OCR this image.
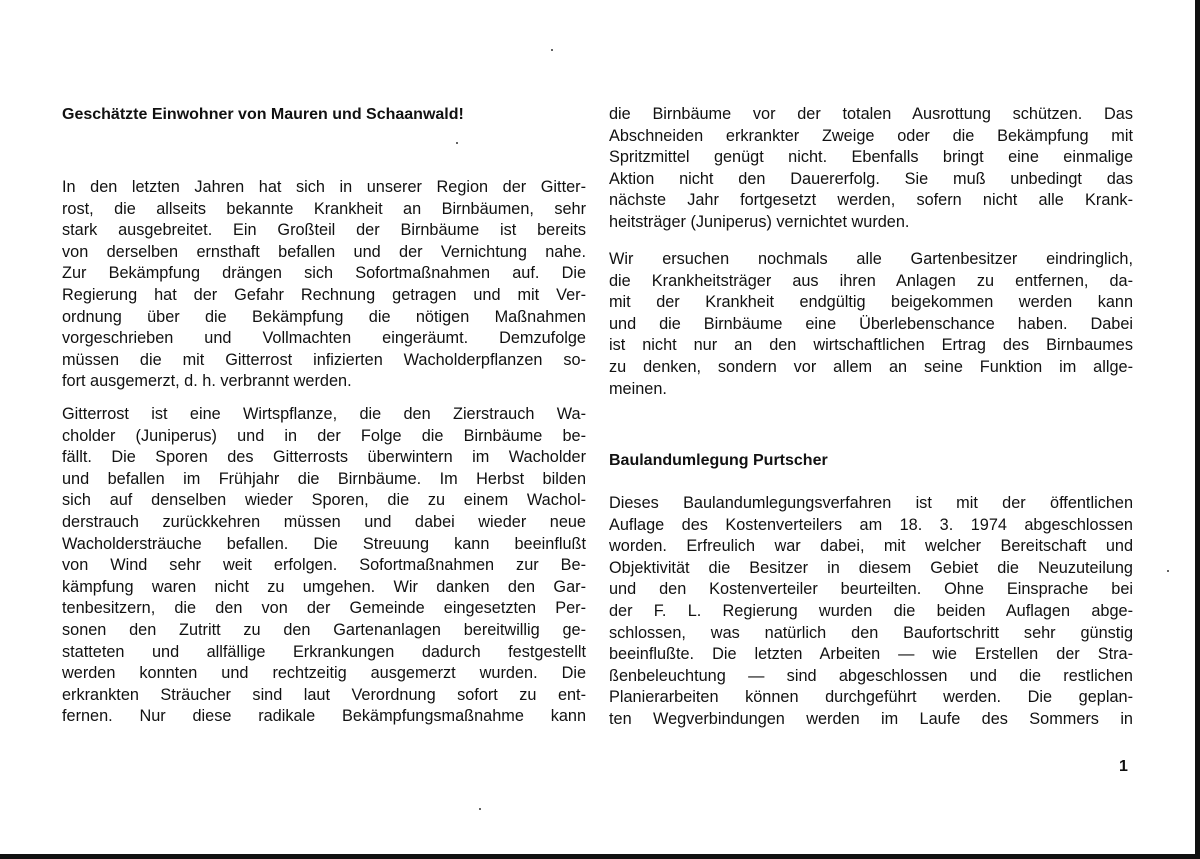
Geschätzte Einwohner von Mauren und Schaanwald!
In den letzten Jahren hat sich in unserer Region der Gitter-
rost, die allseits bekannte Krankheit an Birnbäumen, sehr
stark ausgebreitet. Ein Großteil der Birnbäume ist bereits
von derselben ernsthaft befallen und der Vernichtung nahe.
Zur Bekämpfung drängen sich Sofortmaßnahmen auf. Die
Regierung hat der Gefahr Rechnung getragen und mit Ver-
ordnung über die Bekämpfung die nötigen Maßnahmen
vorgeschrieben und Vollmachten eingeräumt. Demzufolge
müssen die mit Gitterrost infizierten Wacholderpflanzen so-
fort ausgemerzt, d. h. verbrannt werden.
Gitterrost ist eine Wirtspflanze, die den Zierstrauch Wa-
cholder (Juniperus) und in der Folge die Birnbäume be-
fällt. Die Sporen des Gitterrosts überwintern im Wacholder
und befallen im Frühjahr die Birnbäume. Im Herbst bilden
sich auf denselben wieder Sporen, die zu einem Wachol-
derstrauch zurückkehren müssen und dabei wieder neue
Wacholdersträuche befallen. Die Streuung kann beeinflußt
von Wind sehr weit erfolgen. Sofortmaßnahmen zur Be-
kämpfung waren nicht zu umgehen. Wir danken den Gar-
tenbesitzern, die den von der Gemeinde eingesetzten Per-
sonen den Zutritt zu den Gartenanlagen bereitwillig ge-
statteten und allfällige Erkrankungen dadurch festgestellt
werden konnten und rechtzeitig ausgemerzt wurden. Die
erkrankten Sträucher sind laut Verordnung sofort zu ent-
fernen. Nur diese radikale Bekämpfungsmaßnahme kann
die Birnbäume vor der totalen Ausrottung schützen. Das
Abschneiden erkrankter Zweige oder die Bekämpfung mit
Spritzmittel genügt nicht. Ebenfalls bringt eine einmalige
Aktion nicht den Dauererfolg. Sie muß unbedingt das
nächste Jahr fortgesetzt werden, sofern nicht alle Krank-
heitsträger (Juniperus) vernichtet wurden.
Wir ersuchen nochmals alle Gartenbesitzer eindringlich,
die Krankheitsträger aus ihren Anlagen zu entfernen, da-
mit der Krankheit endgültig beigekommen werden kann
und die Birnbäume eine Überlebenschance haben. Dabei
ist nicht nur an den wirtschaftlichen Ertrag des Birnbaumes
zu denken, sondern vor allem an seine Funktion im allge-
meinen.
Baulandumlegung Purtscher
Dieses Baulandumlegungsverfahren ist mit der öffentlichen
Auflage des Kostenverteilers am 18. 3. 1974 abgeschlossen
worden. Erfreulich war dabei, mit welcher Bereitschaft und
Objektivität die Besitzer in diesem Gebiet die Neuzuteilung
und den Kostenverteiler beurteilten. Ohne Einsprache bei
der F. L. Regierung wurden die beiden Auflagen abge-
schlossen, was natürlich den Baufortschritt sehr günstig
beeinflußte. Die letzten Arbeiten — wie Erstellen der Stra-
ßenbeleuchtung — sind abgeschlossen und die restlichen
Planierarbeiten können durchgeführt werden. Die geplan-
ten Wegverbindungen werden im Laufe des Sommers in
1
